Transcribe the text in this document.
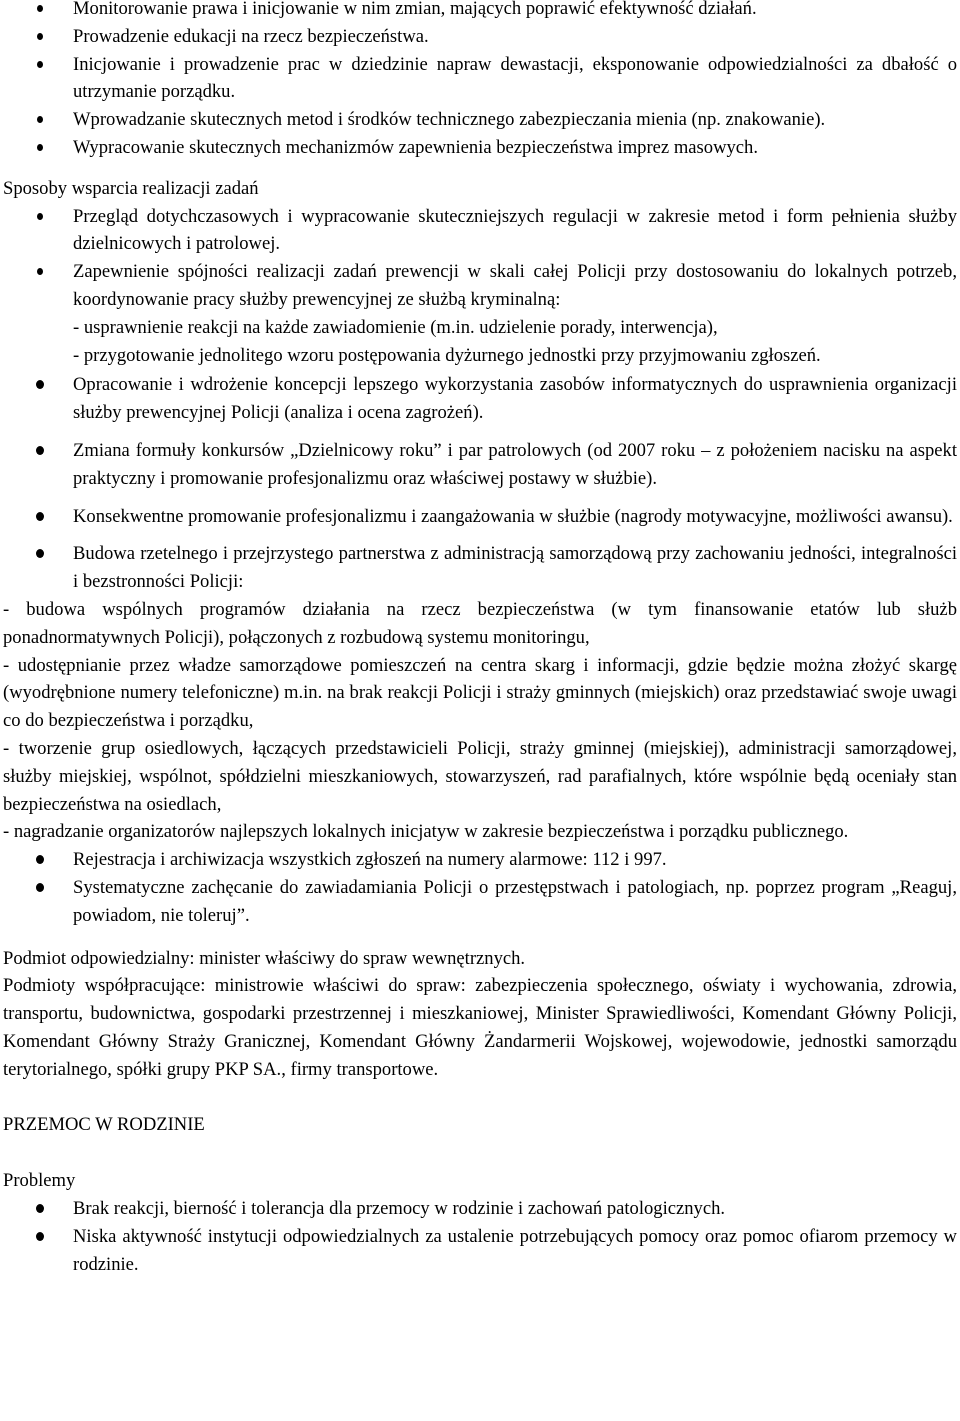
Monitorowanie prawa i inicjowanie w nim zmian, mających poprawić efektywność działań.
Prowadzenie edukacji na rzecz bezpieczeństwa.
Inicjowanie i prowadzenie prac w dziedzinie napraw dewastacji, eksponowanie odpowiedzialności za dbałość o utrzymanie porządku.
Wprowadzanie skutecznych metod i środków technicznego zabezpieczania mienia (np. znakowanie).
Wypracowanie skutecznych mechanizmów zapewnienia bezpieczeństwa imprez masowych.
Sposoby wsparcia realizacji zadań
Przegląd dotychczasowych i wypracowanie skuteczniejszych regulacji w zakresie metod i form pełnienia służby dzielnicowych i patrolowej.
Zapewnienie spójności realizacji zadań prewencji w skali całej Policji przy dostosowaniu do lokalnych potrzeb, koordynowanie pracy służby prewencyjnej ze służbą kryminalną:
- usprawnienie reakcji na każde zawiadomienie (m.in. udzielenie porady, interwencja),
- przygotowanie jednolitego wzoru postępowania dyżurnego jednostki przy przyjmowaniu zgłoszeń.
Opracowanie i wdrożenie koncepcji lepszego wykorzystania zasobów informatycznych do usprawnienia organizacji służby prewencyjnej Policji (analiza i ocena zagrożeń).
Zmiana formuły konkursów „Dzielnicowy roku” i par patrolowych (od 2007 roku – z położeniem nacisku na aspekt praktyczny i promowanie profesjonalizmu oraz właściwej postawy w służbie).
Konsekwentne promowanie profesjonalizmu i zaangażowania w służbie (nagrody motywacyjne, możliwości awansu).
Budowa rzetelnego i przejrzystego partnerstwa z administracją samorządową przy zachowaniu jedności, integralności i bezstronności Policji:
- budowa wspólnych programów działania na rzecz bezpieczeństwa (w tym finansowanie etatów lub służb ponadnormatywnych Policji), połączonych z rozbudową systemu monitoringu,
- udostępnianie przez władze samorządowe pomieszczeń na centra skarg i informacji, gdzie będzie można złożyć skargę (wyodrębnione numery telefoniczne) m.in. na brak reakcji Policji i straży gminnych (miejskich) oraz przedstawiać swoje uwagi co do bezpieczeństwa i porządku,
- tworzenie grup osiedlowych, łączących przedstawicieli Policji, straży gminnej (miejskiej), administracji samorządowej, służby miejskiej, wspólnot, spółdzielni mieszkaniowych, stowarzyszeń, rad parafialnych, które wspólnie będą oceniały stan bezpieczeństwa na osiedlach,
- nagradzanie organizatorów najlepszych lokalnych inicjatyw w zakresie bezpieczeństwa i porządku publicznego.
Rejestracja i archiwizacja wszystkich zgłoszeń na numery alarmowe: 112 i 997.
Systematyczne zachęcanie do zawiadamiania Policji o przestępstwach i patologiach, np. poprzez program „Reaguj, powiadom, nie toleruj”.
Podmiot odpowiedzialny: minister właściwy do spraw wewnętrznych.
Podmioty współpracujące: ministrowie właściwi do spraw: zabezpieczenia społecznego, oświaty i wychowania, zdrowia, transportu, budownictwa, gospodarki przestrzennej i mieszkaniowej, Minister Sprawiedliwości, Komendant Główny Policji, Komendant Główny Straży Granicznej, Komendant Główny Żandarmerii Wojskowej, wojewodowie, jednostki samorządu terytorialnego, spółki grupy PKP SA., firmy transportowe.
PRZEMOC W RODZINIE
Problemy
Brak reakcji, bierność i tolerancja dla przemocy w rodzinie i zachowań patologicznych.
Niska aktywność instytucji odpowiedzialnych za ustalenie potrzebujących pomocy oraz pomoc ofiarom przemocy w rodzinie.
